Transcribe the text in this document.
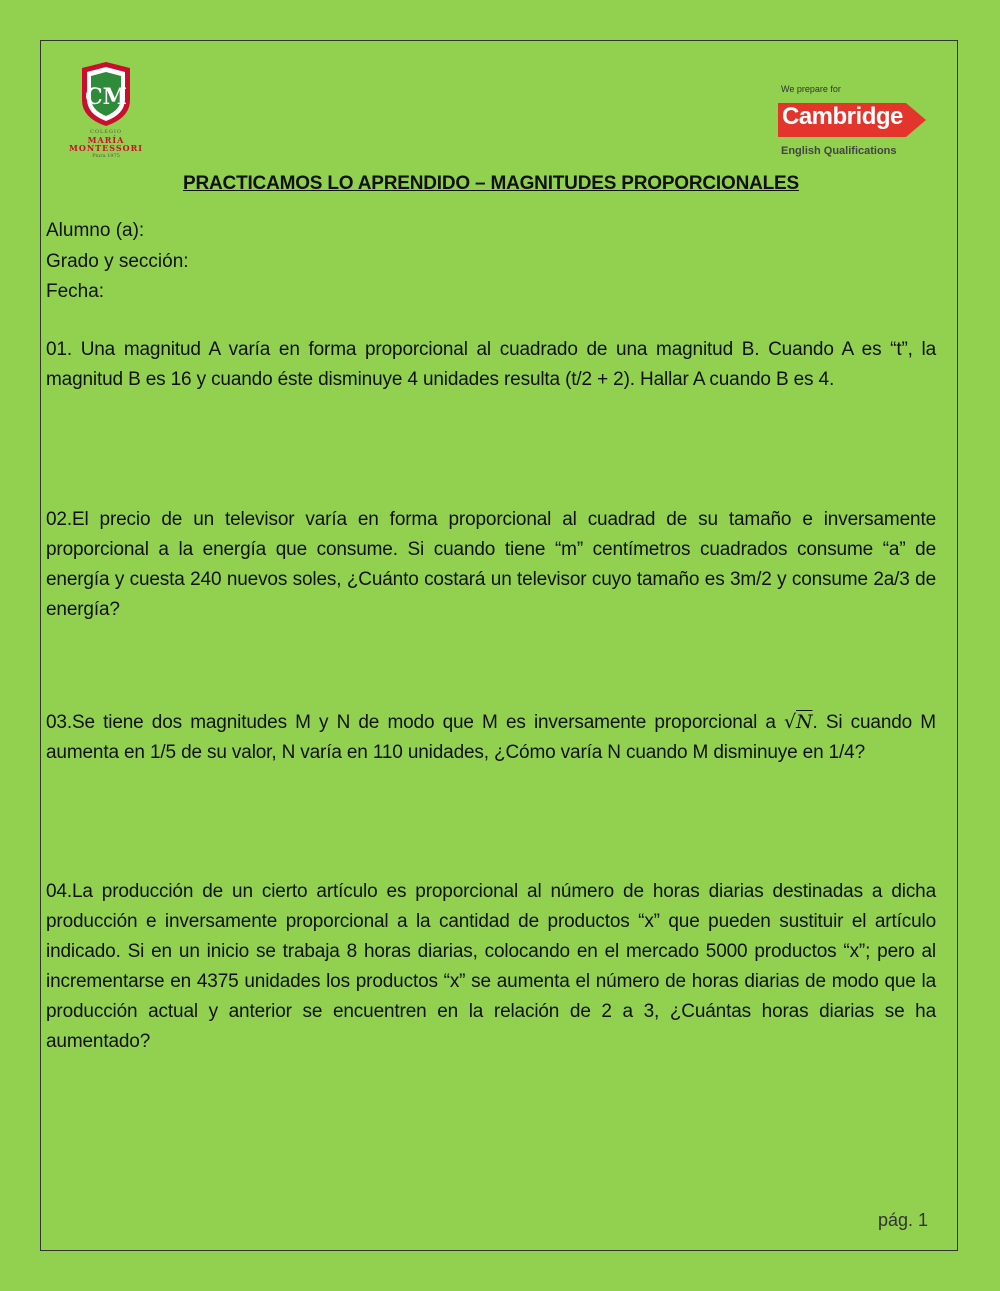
CM
COLEGIO
MARÍA
MONTESSORI
Piura 1975
We prepare for
Cambridge
English Qualifications
PRACTICAMOS LO APRENDIDO – MAGNITUDES PROPORCIONALES
Alumno (a):
Grado y sección:
Fecha:
01. Una magnitud A varía en forma proporcional al cuadrado de una magnitud B. Cuando A es “t”, la magnitud B es 16 y cuando éste disminuye 4 unidades resulta (t/2 + 2). Hallar A cuando B es 4.
02.El precio de un televisor varía en forma proporcional al cuadrad de su tamaño e inversamente proporcional a la energía que consume. Si cuando tiene “m” centímetros cuadrados consume “a” de energía y cuesta 240 nuevos soles, ¿Cuánto costará un televisor cuyo tamaño es 3m/2 y consume 2a/3 de energía?
03.Se tiene dos magnitudes M y N de modo que M es inversamente proporcional a √N. Si cuando M aumenta en 1/5 de su valor, N varía en 110 unidades, ¿Cómo varía N cuando M disminuye en 1/4?
04.La producción de un cierto artículo es proporcional al número de horas diarias destinadas a dicha producción e inversamente proporcional a la cantidad de productos “x” que pueden sustituir el artículo indicado. Si en un inicio se trabaja 8 horas diarias, colocando en el mercado 5000 productos “x”; pero al incrementarse en 4375 unidades los productos “x” se aumenta el número de horas diarias de modo que la producción actual y anterior se encuentren en la relación de 2 a 3, ¿Cuántas horas diarias se ha aumentado?
pág. 1
